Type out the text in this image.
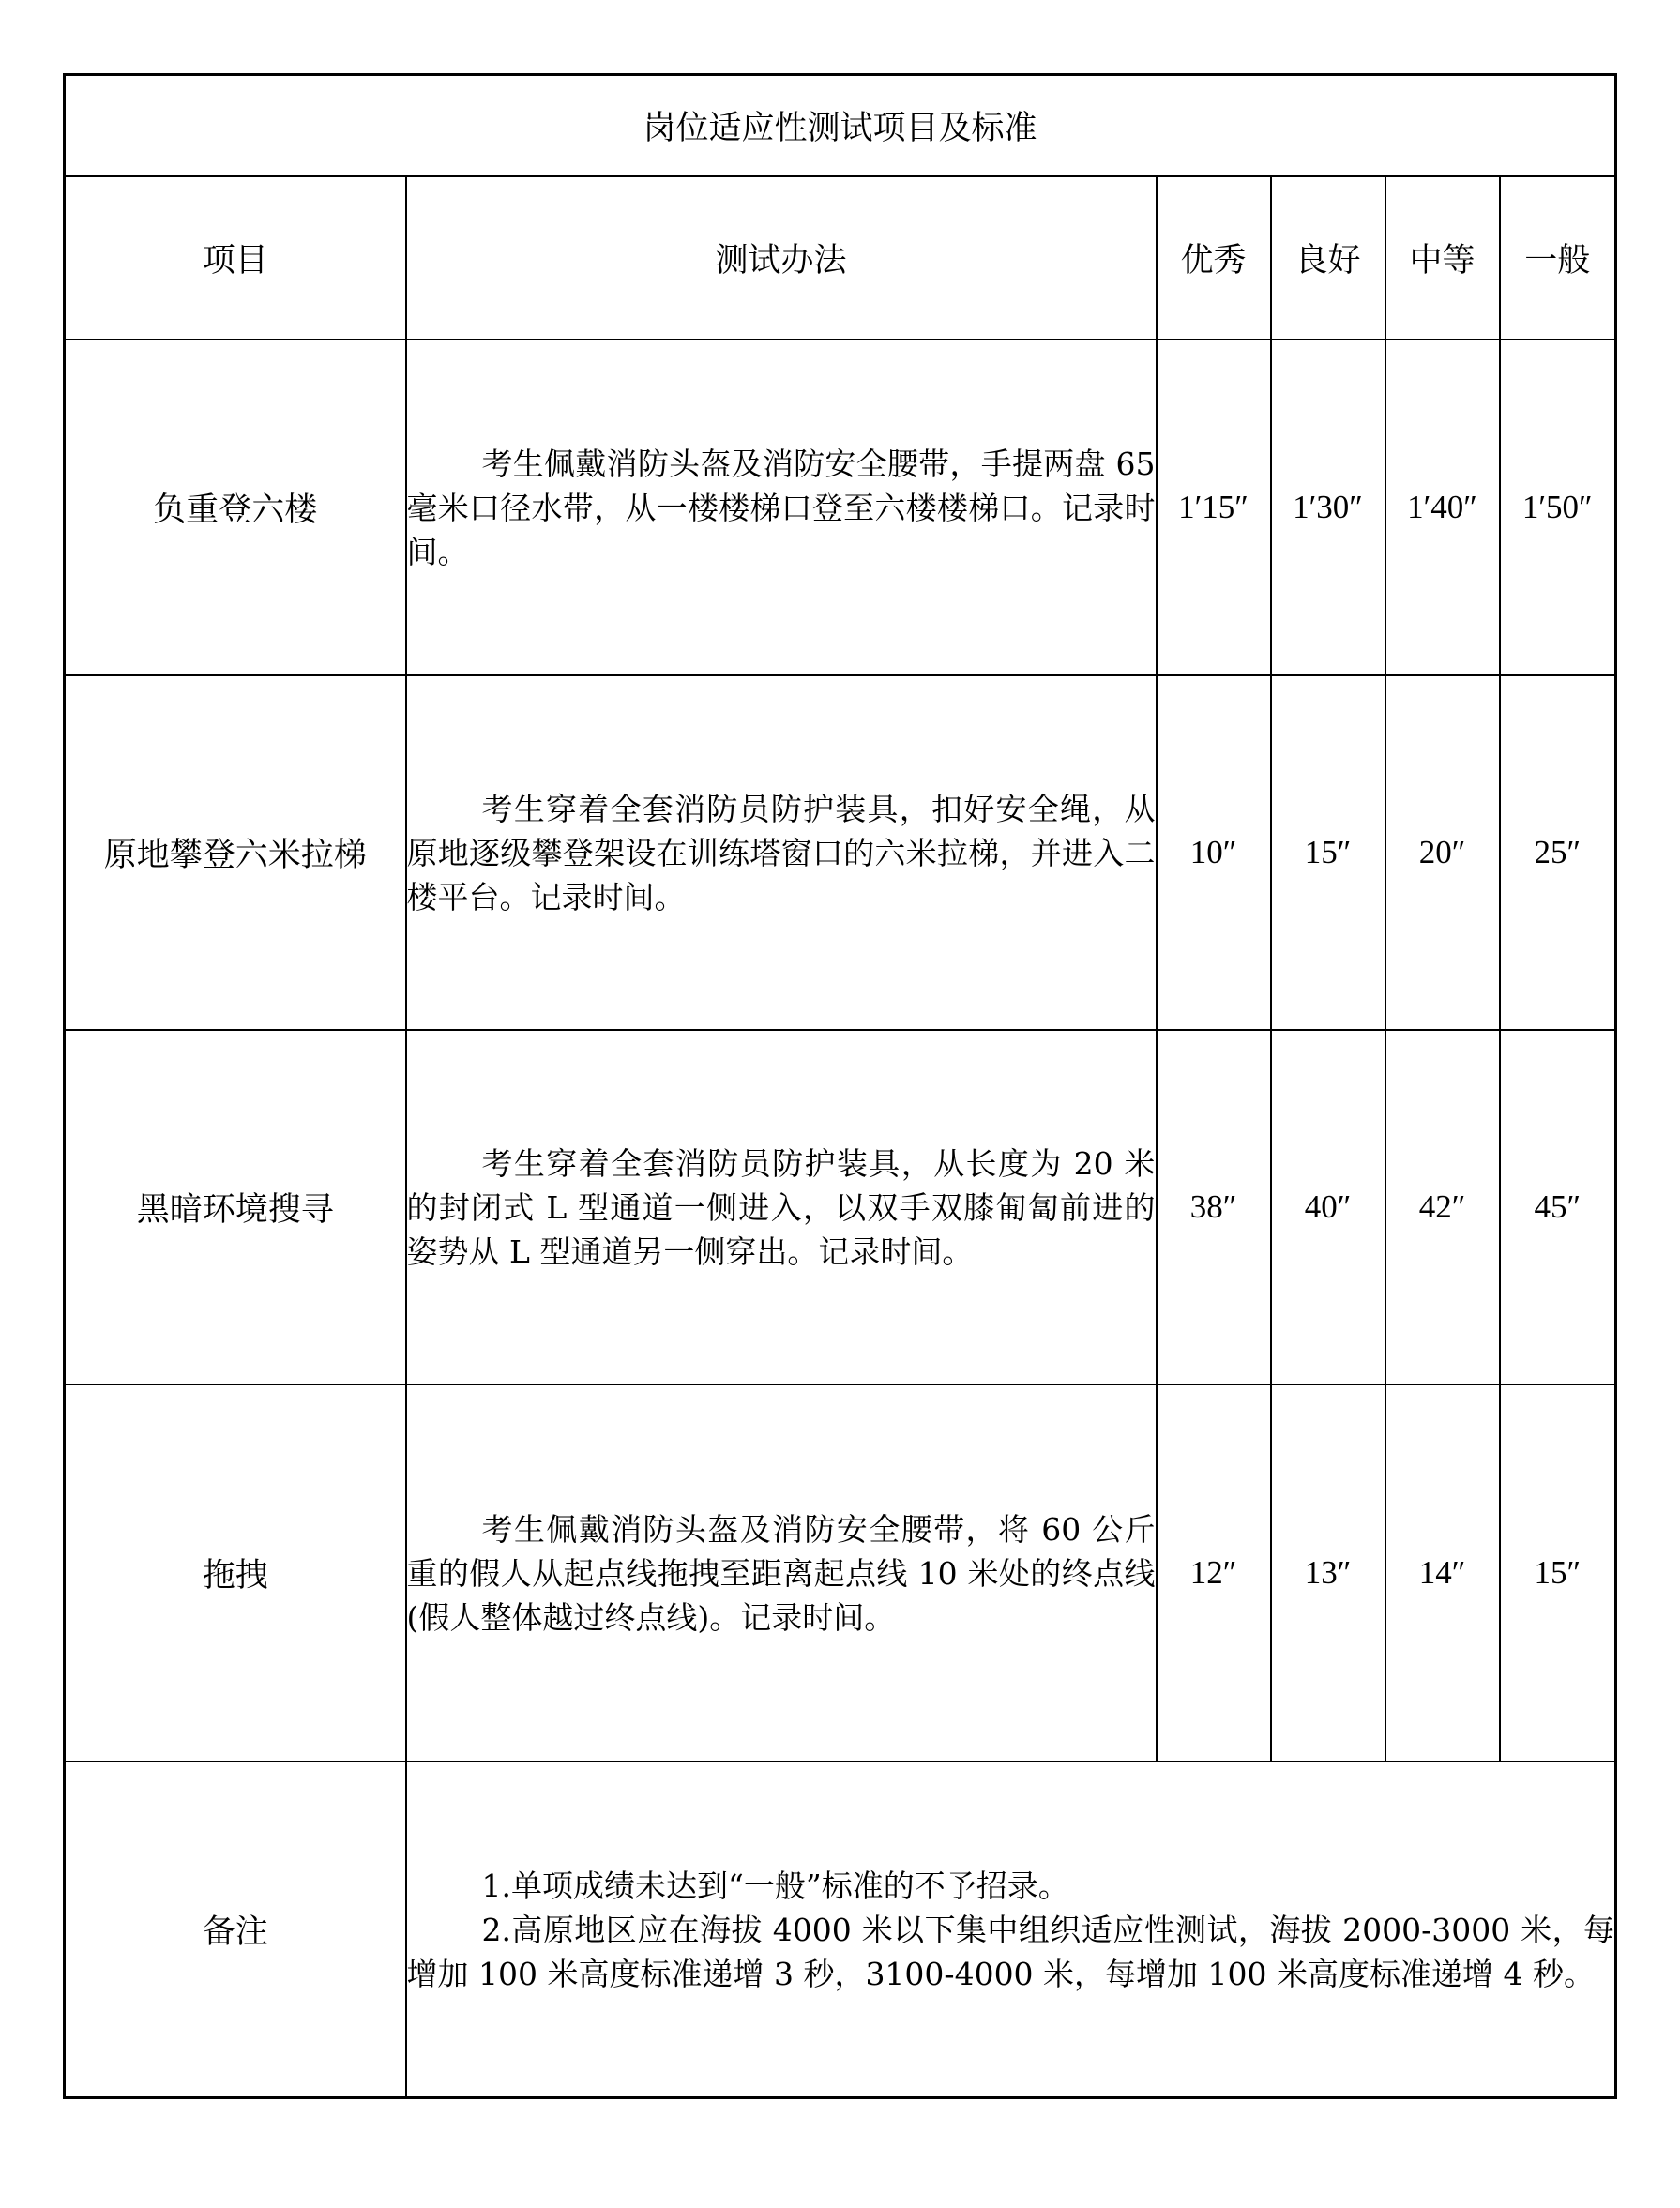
岗位适应性测试项目及标准					
项目	测试办法	优秀	良好	中等	一般
负重登六楼	考生佩戴消防头盔及消防安全腰带，手提两盘 65 毫米口径水带，从一楼楼梯口登至六楼楼梯口。记录时间。	1′15″	1′30″	1′40″	1′50″
原地攀登六米拉梯	考生穿着全套消防员防护装具，扣好安全绳，从原地逐级攀登架设在训练塔窗口的六米拉梯，并进入二楼平台。记录时间。	10″	15″	20″	25″
黑暗环境搜寻	考生穿着全套消防员防护装具，从长度为 20 米的封闭式 L 型通道一侧进入，以双手双膝匍匐前进的姿势从 L 型通道另一侧穿出。记录时间。	38″	40″	42″	45″
拖拽	考生佩戴消防头盔及消防安全腰带，将 60 公斤重的假人从起点线拖拽至距离起点线 10 米处的终点线(假人整体越过终点线)。记录时间。	12″	13″	14″	15″
备注	1.单项成绩未达到“一般”标准的不予招录。
2.高原地区应在海拔 4000 米以下集中组织适应性测试，海拔 2000-3000 米，每增加 100 米高度标准递增 3 秒，3100-4000 米，每增加 100 米高度标准递增 4 秒。				
